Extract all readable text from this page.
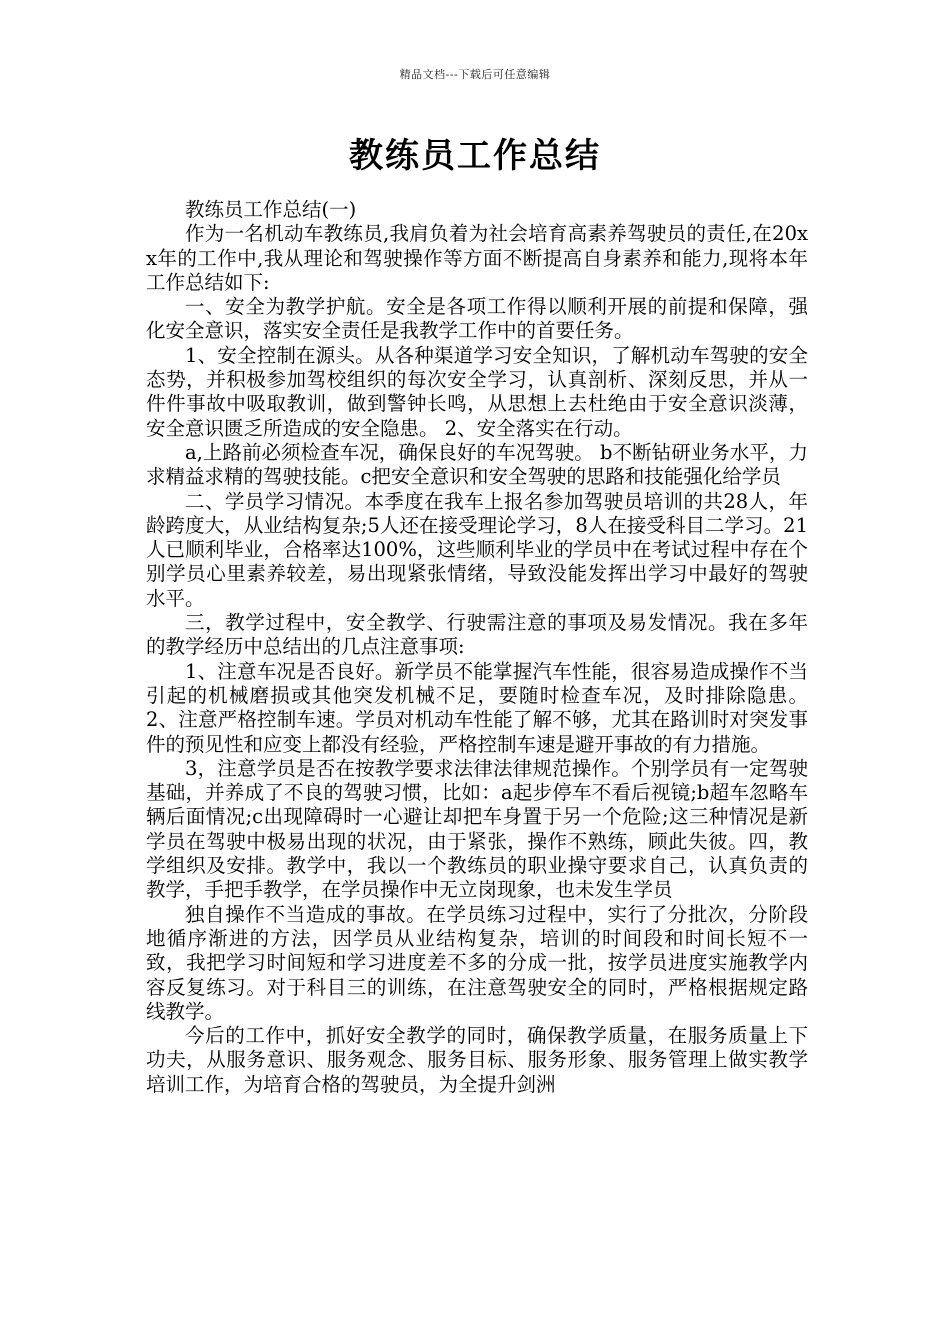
精品文档---下载后可任意编辑
教练员工作总结

教练员工作总结(一)

作为一名机动车教练员,我肩负着为社会培育高素养驾驶员的责任,在20xx年的工作中,我从理论和驾驶操作等方面不断提高自身素养和能力,现将本年工作总结如下:

一、安全为教学护航。安全是各项工作得以顺利开展的前提和保障，强化安全意识，落实安全责任是我教学工作中的首要任务。

1、安全控制在源头。从各种渠道学习安全知识，了解机动车驾驶的安全态势，并积极参加驾校组织的每次安全学习，认真剖析、深刻反思，并从一件件事故中吸取教训，做到警钟长鸣，从思想上去杜绝由于安全意识淡薄，安全意识匮乏所造成的安全隐患。 2、安全落实在行动。

a,上路前必须检查车况，确保良好的车况驾驶。 b不断钻研业务水平，力求精益求精的驾驶技能。c把安全意识和安全驾驶的思路和技能强化给学员

二、学员学习情况。本季度在我车上报名参加驾驶员培训的共28人，年龄跨度大，从业结构复杂;5人还在接受理论学习，8人在接受科目二学习。21人已顺利毕业，合格率达100%，这些顺利毕业的学员中在考试过程中存在个别学员心里素养较差，易出现紧张情绪，导致没能发挥出学习中最好的驾驶水平。

三，教学过程中，安全教学、行驶需注意的事项及易发情况。我在多年的教学经历中总结出的几点注意事项:

1、注意车况是否良好。新学员不能掌握汽车性能，很容易造成操作不当引起的机械磨损或其他突发机械不足，要随时检查车况，及时排除隐患。 2、注意严格控制车速。学员对机动车性能了解不够，尤其在路训时对突发事件的预见性和应变上都没有经验，严格控制车速是避开事故的有力措施。

3，注意学员是否在按教学要求法律法律规范操作。个别学员有一定驾驶基础，并养成了不良的驾驶习惯，比如：a起步停车不看后视镜;b超车忽略车辆后面情况;c出现障碍时一心避让却把车身置于另一个危险;这三种情况是新学员在驾驶中极易出现的状况，由于紧张，操作不熟练，顾此失彼。四，教学组织及安排。教学中，我以一个教练员的职业操守要求自己，认真负责的教学，手把手教学，在学员操作中无立岗现象，也未发生学员

独自操作不当造成的事故。在学员练习过程中，实行了分批次，分阶段地循序渐进的方法，因学员从业结构复杂，培训的时间段和时间长短不一致，我把学习时间短和学习进度差不多的分成一批，按学员进度实施教学内容反复练习。对于科目三的训练，在注意驾驶安全的同时，严格根据规定路线教学。

今后的工作中，抓好安全教学的同时，确保教学质量，在服务质量上下功夫，从服务意识、服务观念、服务目标、服务形象、服务管理上做实教学培训工作，为培育合格的驾驶员，为全提升剑洲
